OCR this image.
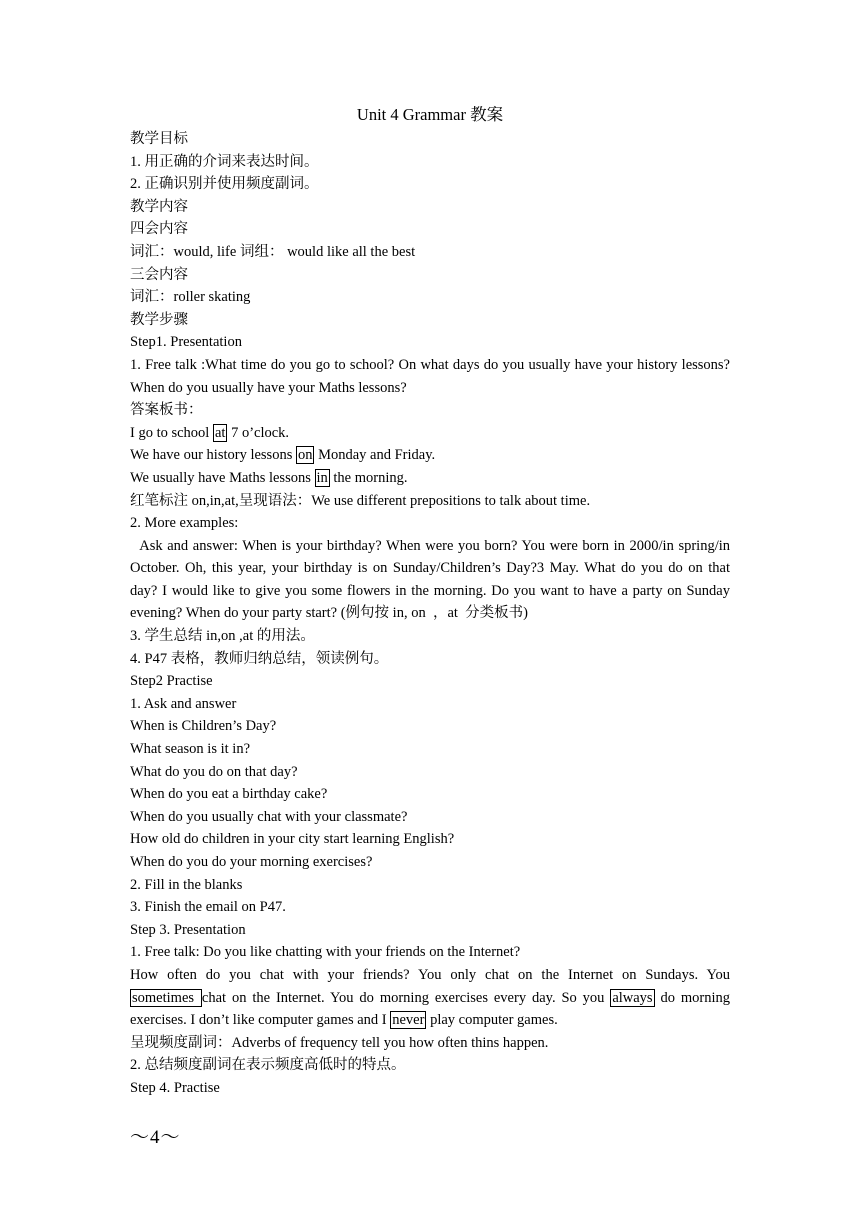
Unit 4 Grammar 教案

教学目标

1. 用正确的介词来表达时间。

2. 正确识别并使用频度副词。

教学内容

四会内容

词汇：would, life 词组： would like all the best

三会内容

词汇：roller skating

教学步骤

Step1. Presentation

1. Free talk :What time do you go to school? On what days do you usually have your history lessons? When do you usually have your Maths lessons?

答案板书：

I go to school at 7 o’clock.

We have our history lessons on Monday and Friday.

We usually have Maths lessons in the morning.

红笔标注 on,in,at,呈现语法：We use different prepositions to talk about time.

2. More examples:

Ask and answer: When is your birthday? When were you born? You were born in 2000/in spring/in October. Oh, this year, your birthday is on Sunday/Children’s Day?3 May. What do you do on that day? I would like to give you some flowers in the morning. Do you want to have a party on Sunday evening? When do your party start? (例句按 in, on  ，at  分类板书)

3. 学生总结 in,on ,at 的用法。

4. P47 表格，教师归纳总结，领读例句。

Step2 Practise

1. Ask and answer

When is Children’s Day?

What season is it in?

What do you do on that day?

When do you eat a birthday cake?

When do you usually chat with your classmate?

How old do children in your city start learning English?

When do you do your morning exercises?

2. Fill in the blanks

3. Finish the email on P47.

Step 3. Presentation

1. Free talk: Do you like chatting with your friends on the Internet?

How often do you chat with your friends? You only chat on the Internet on Sundays. You sometimes chat on the Internet. You do morning exercises every day. So you always do morning exercises. I don’t like computer games and I never play computer games.

呈现频度副词：Adverbs of frequency tell you how often thins happen.

2. 总结频度副词在表示频度高低时的特点。

Step 4. Practise

～4～
